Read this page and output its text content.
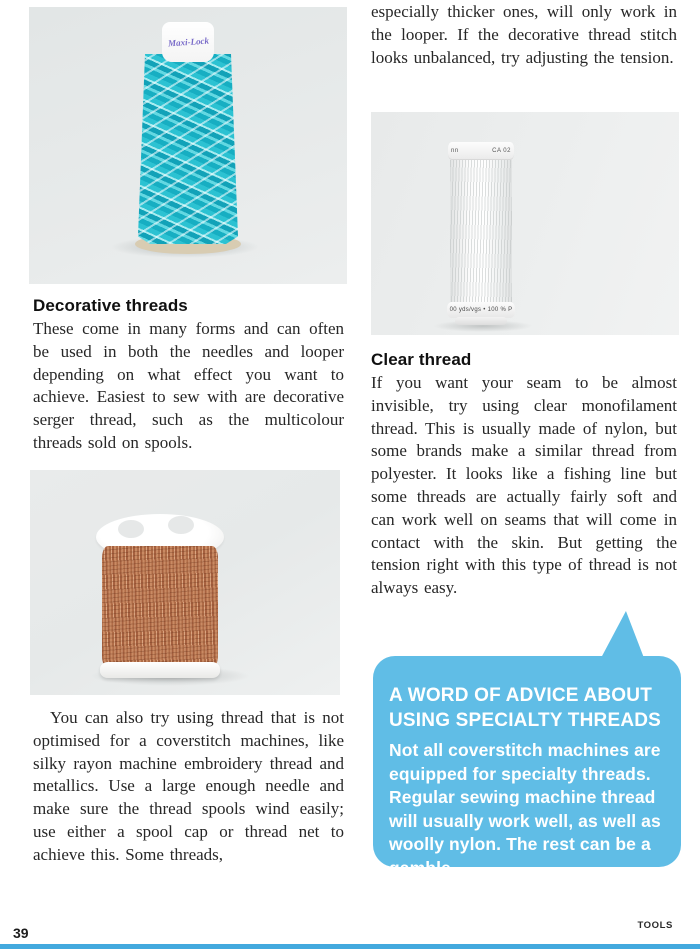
Maxi-Lock
Decorative threads
These come in many forms and can often be used in both the needles and looper depending on what effect you want to achieve. Easiest to sew with are decorative serger thread, such as the multicolour threads sold on spools.
You can also try using thread that is not optimised for a coverstitch machines, like silky rayon machine embroidery thread and metallics. Use a large enough needle and make sure the thread spools wind easily; use either a spool cap or thread net to achieve this. Some threads,
especially thicker ones, will only work in the looper. If the decorative thread stitch looks unbalanced, try adjusting the tension.
nn	CA 02
00 yds/vgs • 100 % P
Clear thread
If you want your seam to be almost invisible, try using clear monofilament thread. This is usually made of nylon, but some brands make a similar thread from polyester. It looks like a fishing line but some threads are actually fairly soft and can work well on seams that will come in contact with the skin. But getting the tension right with this type of thread is not always easy.
A WORD OF ADVICE ABOUT
USING SPECIALTY THREADS
Not all coverstitch machines are equipped for specialty threads. Regular sewing machine thread will usually work well, as well as woolly nylon. The rest can be a gamble.
39	TOOLS
